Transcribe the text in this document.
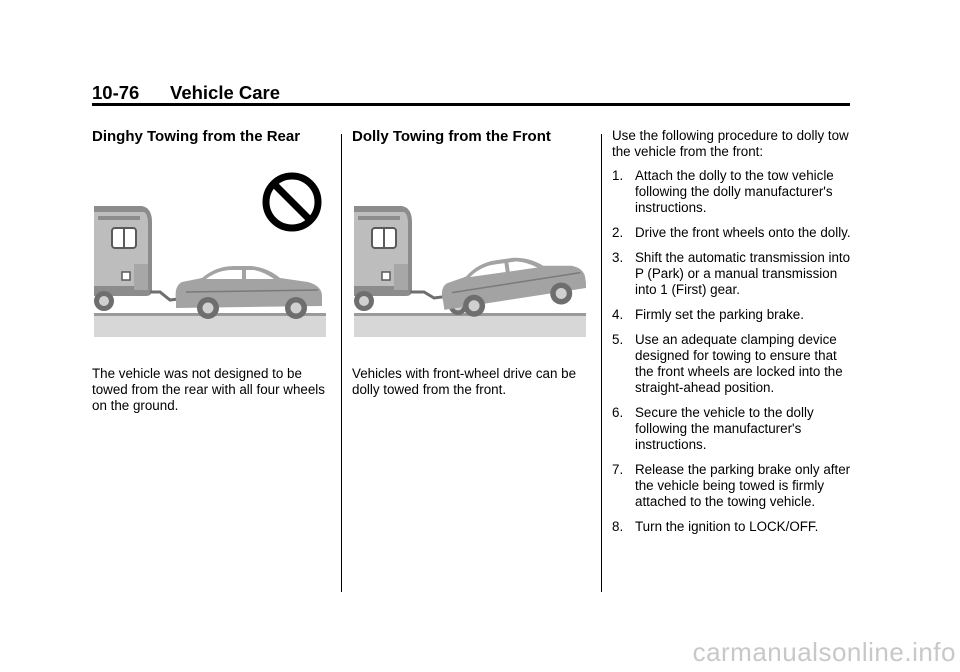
10-76 Vehicle Care
Dinghy Towing from the Rear

The vehicle was not designed to be towed from the rear with all four wheels on the ground.

Dolly Towing from the Front

Vehicles with front-wheel drive can be dolly towed from the front.

Use the following procedure to dolly tow the vehicle from the front:

1. Attach the dolly to the tow vehicle following the dolly manufacturer's instructions.
2. Drive the front wheels onto the dolly.
3. Shift the automatic transmission into P (Park) or a manual transmission into 1 (First) gear.
4. Firmly set the parking brake.
5. Use an adequate clamping device designed for towing to ensure that the front wheels are locked into the straight-ahead position.
6. Secure the vehicle to the dolly following the manufacturer's instructions.
7. Release the parking brake only after the vehicle being towed is firmly attached to the towing vehicle.
8. Turn the ignition to LOCK/OFF.
carmanualsonline.info
